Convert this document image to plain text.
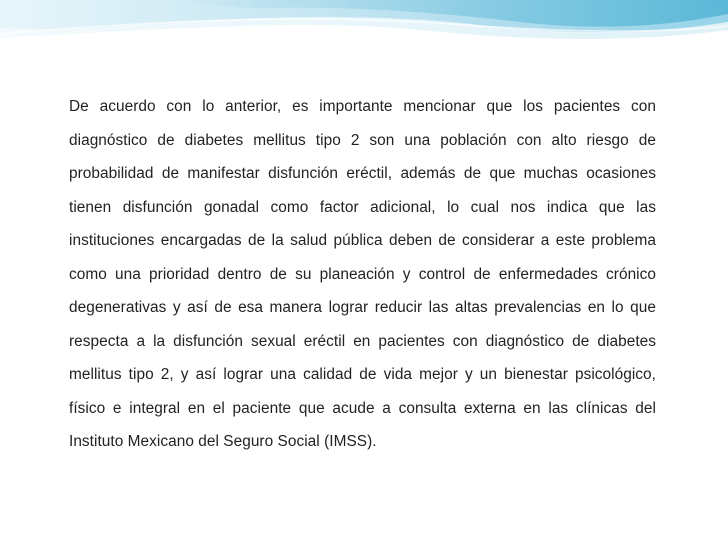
De acuerdo con lo anterior, es importante mencionar que los pacientes con diagnóstico de diabetes mellitus tipo 2 son una población con alto riesgo de probabilidad de manifestar disfunción eréctil, además de que muchas ocasiones tienen disfunción gonadal como factor adicional, lo cual nos indica que las instituciones encargadas de la salud pública deben de considerar a este problema como una prioridad dentro de su planeación y control de enfermedades crónico degenerativas y así de esa manera lograr reducir las altas prevalencias en lo que respecta a la disfunción sexual eréctil en pacientes con diagnóstico de diabetes mellitus tipo 2, y así lograr una calidad de vida mejor y un bienestar psicológico, físico e integral en el paciente que acude a consulta externa en las clínicas del Instituto Mexicano del Seguro Social (IMSS).
